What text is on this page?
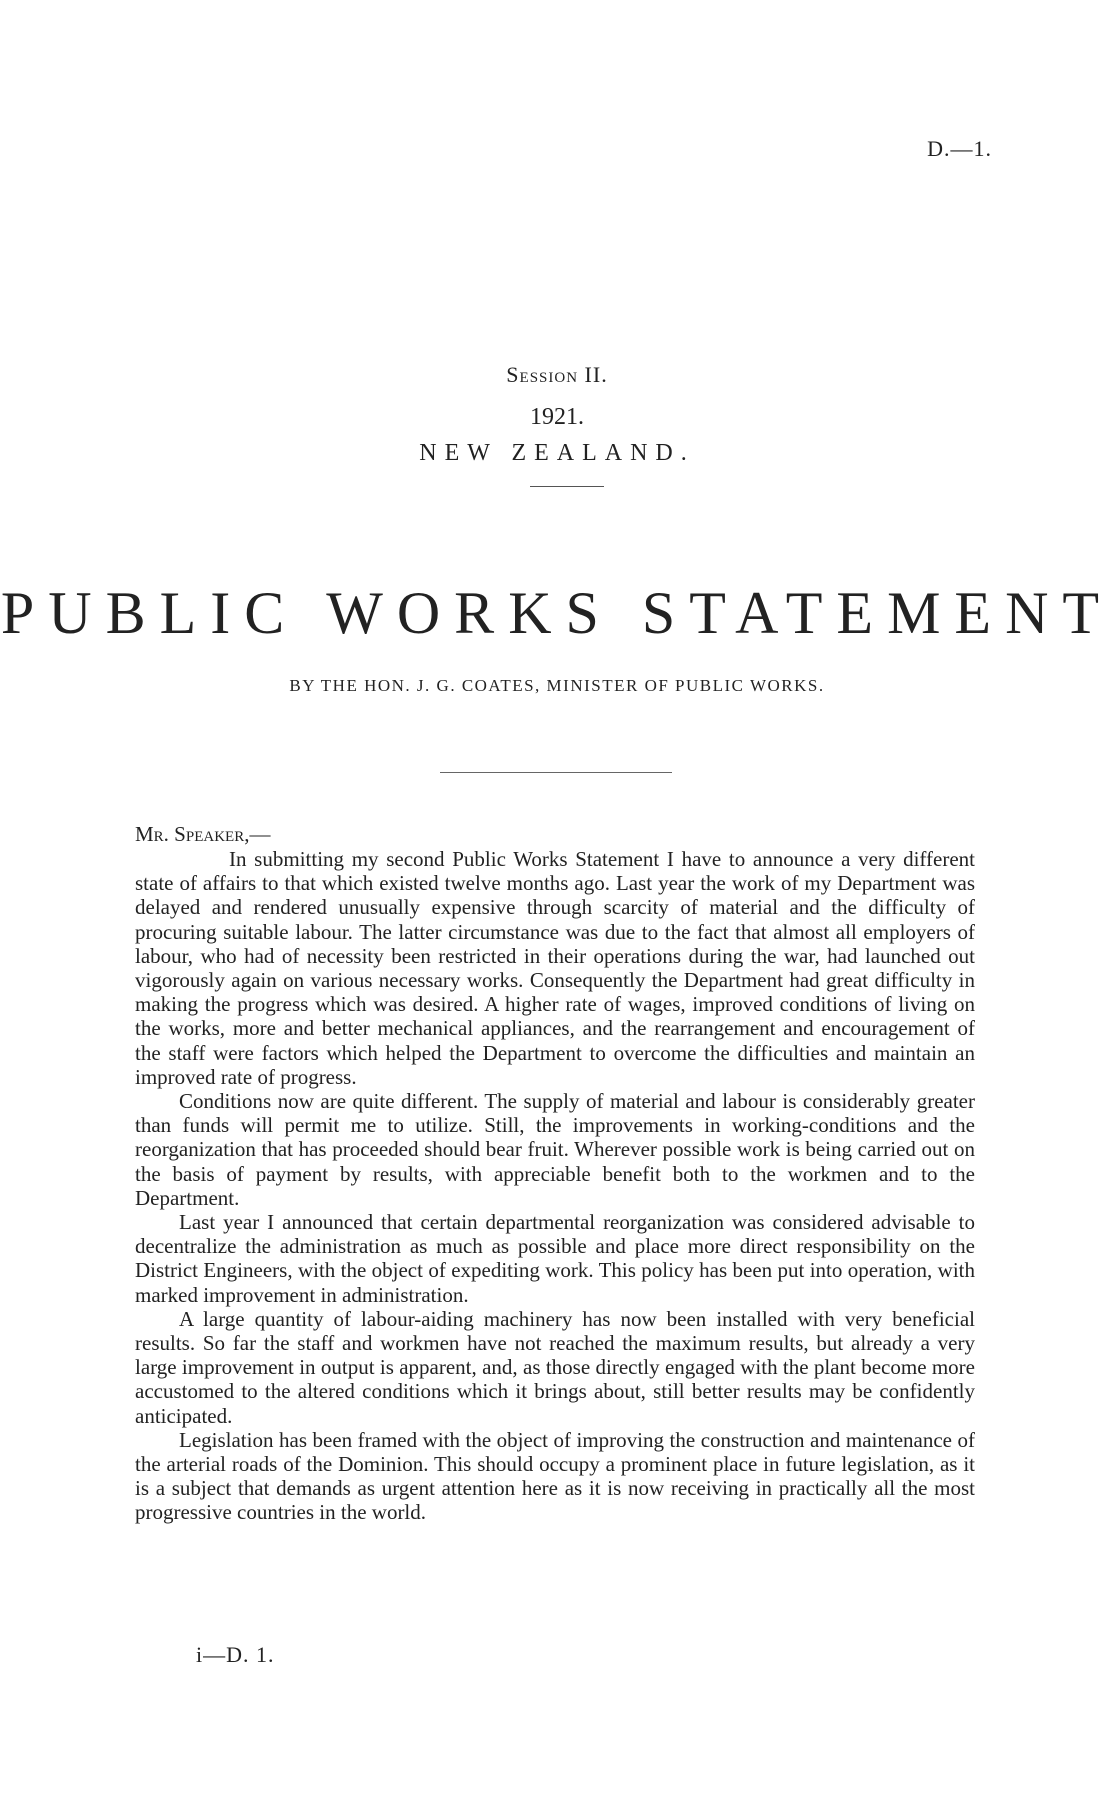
D.—1.
Session II.
1921.
NEW ZEALAND.
PUBLIC WORKS STATEMENT
BY THE HON. J. G. COATES, MINISTER OF PUBLIC WORKS.
Mr. Speaker,—

In submitting my second Public Works Statement I have to announce a very different state of affairs to that which existed twelve months ago. Last year the work of my Department was delayed and rendered unusually expensive through scarcity of material and the difficulty of procuring suitable labour. The latter circumstance was due to the fact that almost all employers of labour, who had of necessity been restricted in their operations during the war, had launched out vigorously again on various necessary works. Consequently the Department had great difficulty in making the progress which was desired. A higher rate of wages, improved conditions of living on the works, more and better mechanical appliances, and the rearrangement and encouragement of the staff were factors which helped the Department to overcome the difficulties and maintain an improved rate of progress.

Conditions now are quite different. The supply of material and labour is considerably greater than funds will permit me to utilize. Still, the improvements in working-conditions and the reorganization that has proceeded should bear fruit. Wherever possible work is being carried out on the basis of payment by results, with appreciable benefit both to the workmen and to the Department.

Last year I announced that certain departmental reorganization was considered advisable to decentralize the administration as much as possible and place more direct responsibility on the District Engineers, with the object of expediting work. This policy has been put into operation, with marked improvement in administration.

A large quantity of labour-aiding machinery has now been installed with very beneficial results. So far the staff and workmen have not reached the maximum results, but already a very large improvement in output is apparent, and, as those directly engaged with the plant become more accustomed to the altered conditions which it brings about, still better results may be confidently anticipated.

Legislation has been framed with the object of improving the construction and maintenance of the arterial roads of the Dominion. This should occupy a prominent place in future legislation, as it is a subject that demands as urgent attention here as it is now receiving in practically all the most progressive countries in the world.

i—D. 1.
